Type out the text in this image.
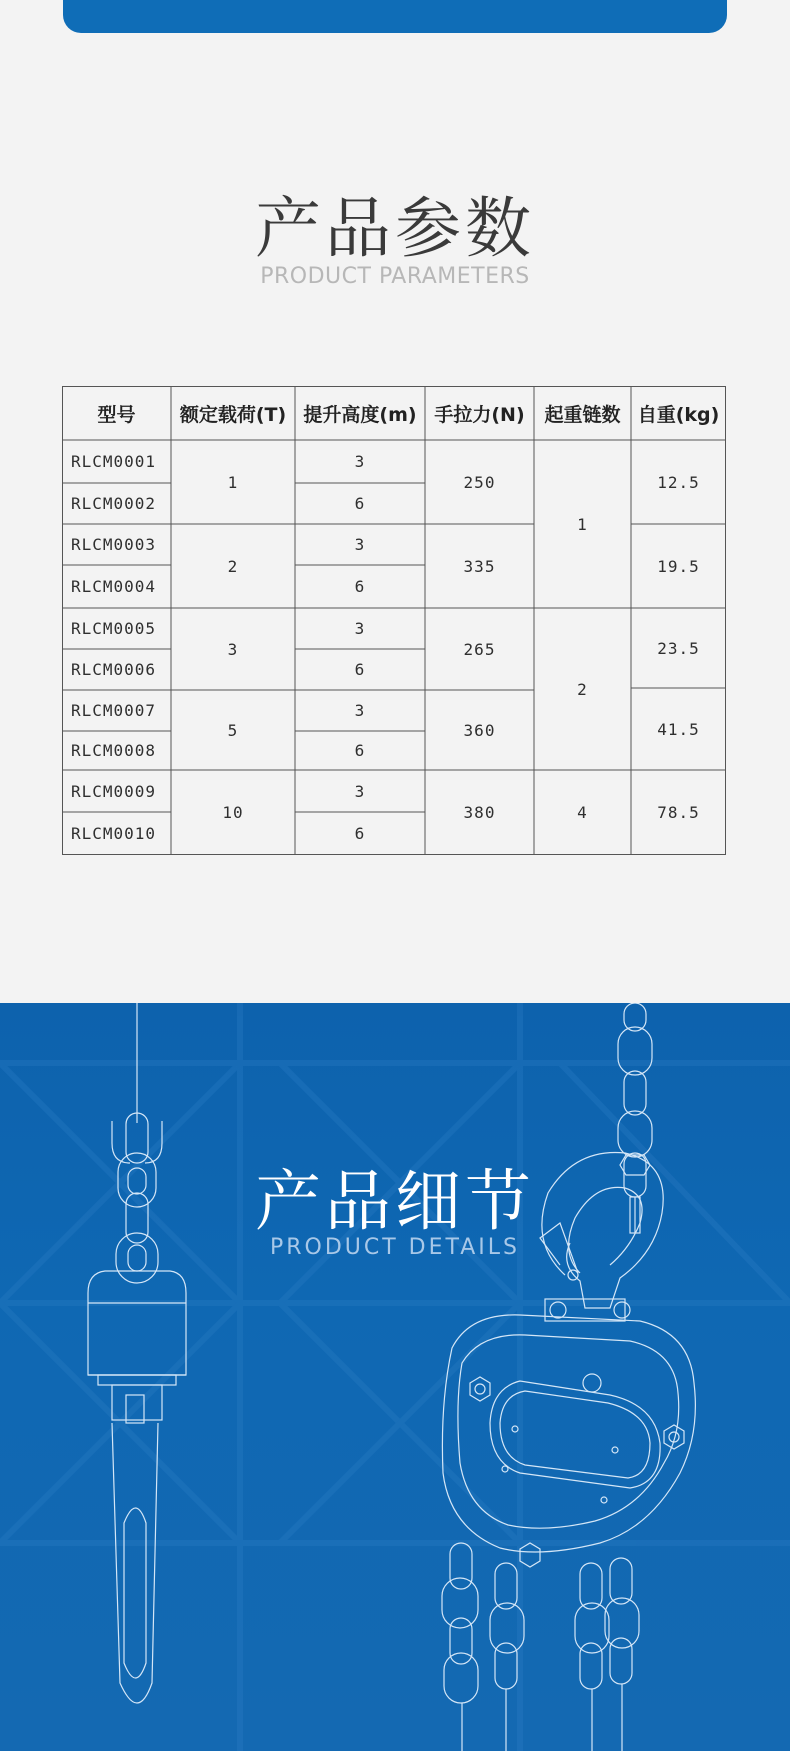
产品参数
PRODUCT PARAMETERS
型号	额定载荷(T) 提升高度(m) 手拉力(N)	起重链数 自重(kg)
RLCM0001
RLCM0002
RLCM0003
RLCM0004
RLCM0005
RLCM0006
RLCM0007
RLCM0008
RLCM0009
RLCM0010
1
2
3
5
10
3
6
3
6
3
6
3
6
3
6
250
335
265
360
380
1
2
4
12.5
19.5
23.5
41.5
78.5
产品细节
PRODUCT DETAILS
